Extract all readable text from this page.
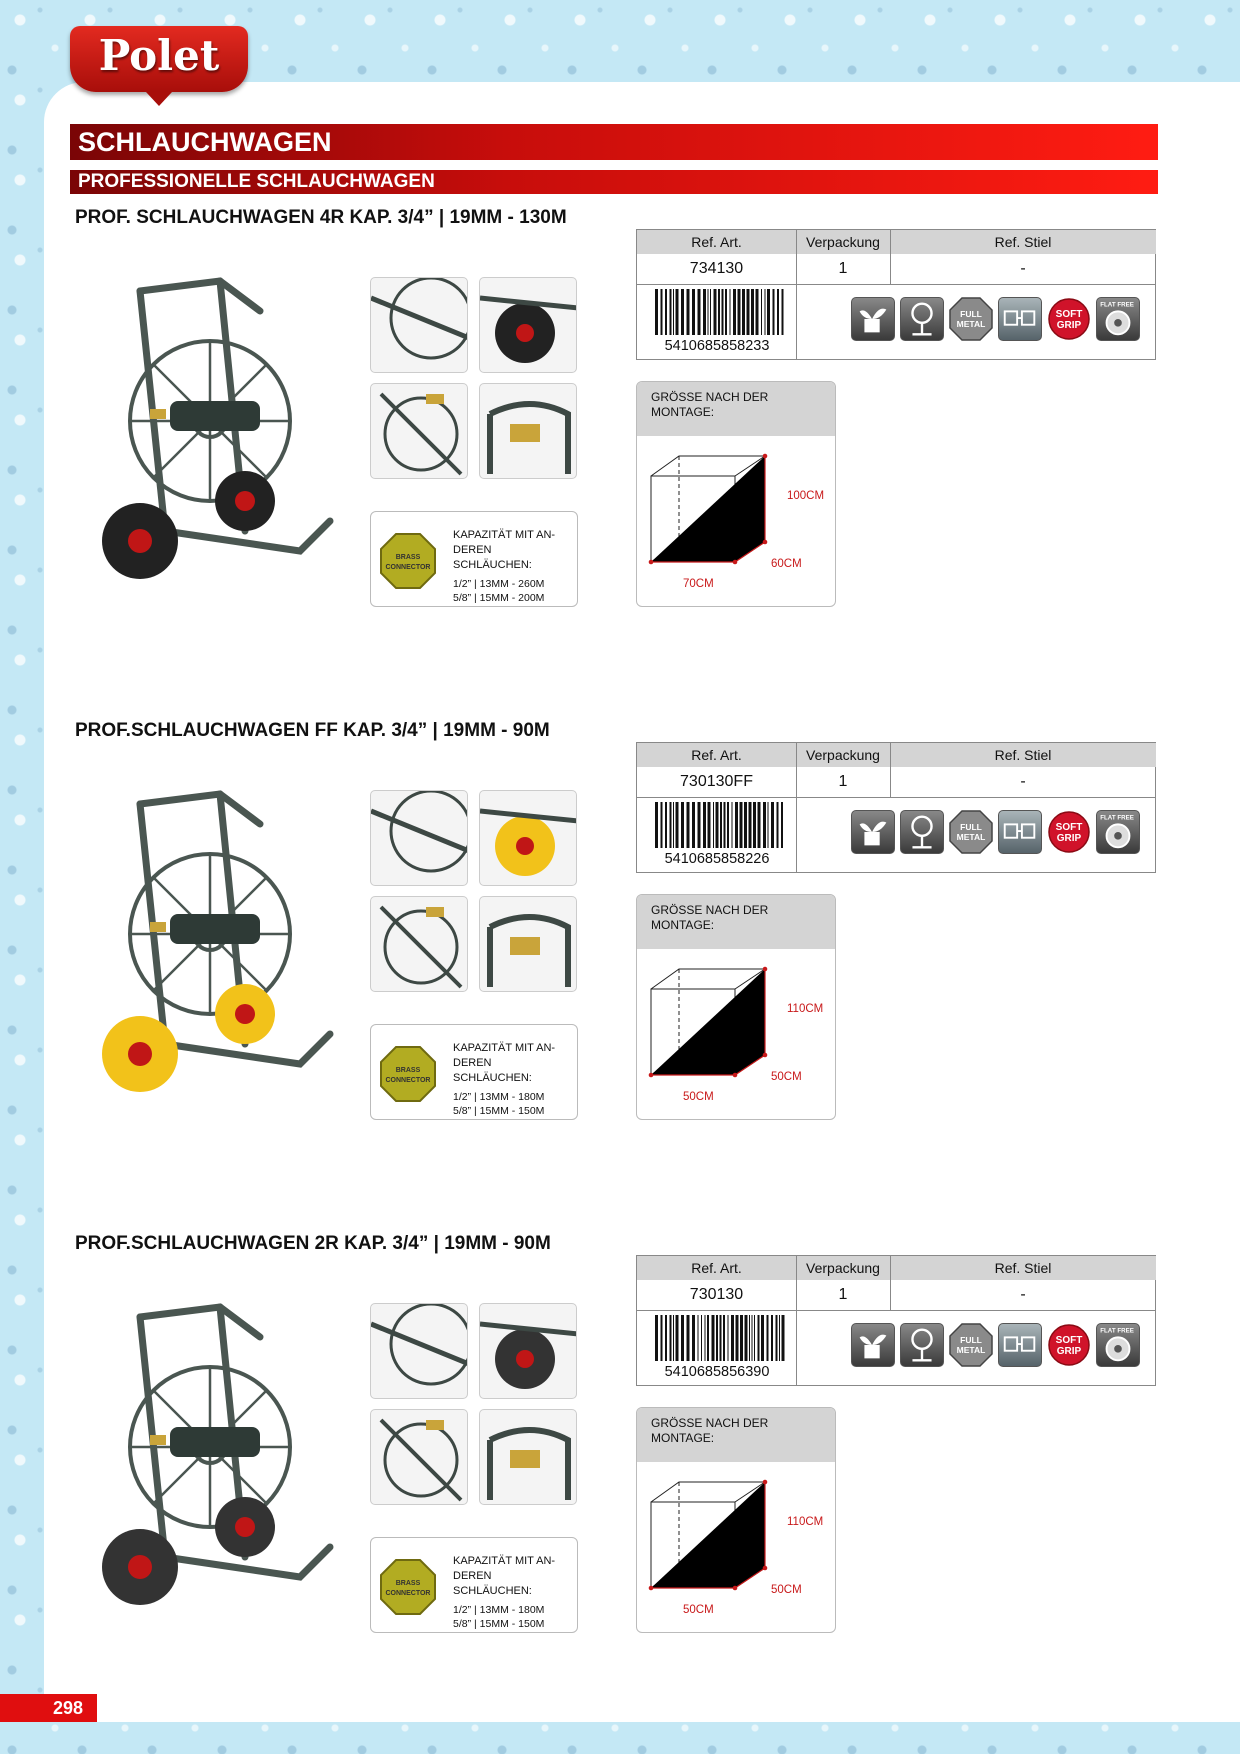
Polet
SCHLAUCHWAGEN
PROFESSIONELLE SCHLAUCHWAGEN
PROF. SCHLAUCHWAGEN 4R KAP. 3/4” | 19MM - 130M
BRASS
CONNECTOR
KAPAZITÄT MIT AN-DEREN SCHLÄUCHEN:
1/2” | 13MM - 260M
5/8” | 15MM - 200M
Ref. Art.	Verpackung	Ref. Stiel
734130	1	-
5410685858233
FULL
METAL
SOFT
GRIP
FLAT FREE
GRÖSSE NACH DER MONTAGE:
100CM
60CM
70CM
PROF.SCHLAUCHWAGEN FF KAP. 3/4” | 19MM - 90M
BRASS
CONNECTOR
KAPAZITÄT MIT AN-DEREN SCHLÄUCHEN:
1/2” | 13MM - 180M
5/8” | 15MM - 150M
Ref. Art.	Verpackung	Ref. Stiel
730130FF	1	-
5410685858226
FULL
METAL
SOFT
GRIP
FLAT FREE
GRÖSSE NACH DER MONTAGE:
110CM
50CM
50CM
PROF.SCHLAUCHWAGEN 2R KAP. 3/4” | 19MM - 90M
BRASS
CONNECTOR
KAPAZITÄT MIT AN-DEREN SCHLÄUCHEN:
1/2” | 13MM - 180M
5/8” | 15MM - 150M
Ref. Art.	Verpackung	Ref. Stiel
730130	1	-
5410685856390
FULL
METAL
SOFT
GRIP
FLAT FREE
GRÖSSE NACH DER MONTAGE:
110CM
50CM
50CM
298
